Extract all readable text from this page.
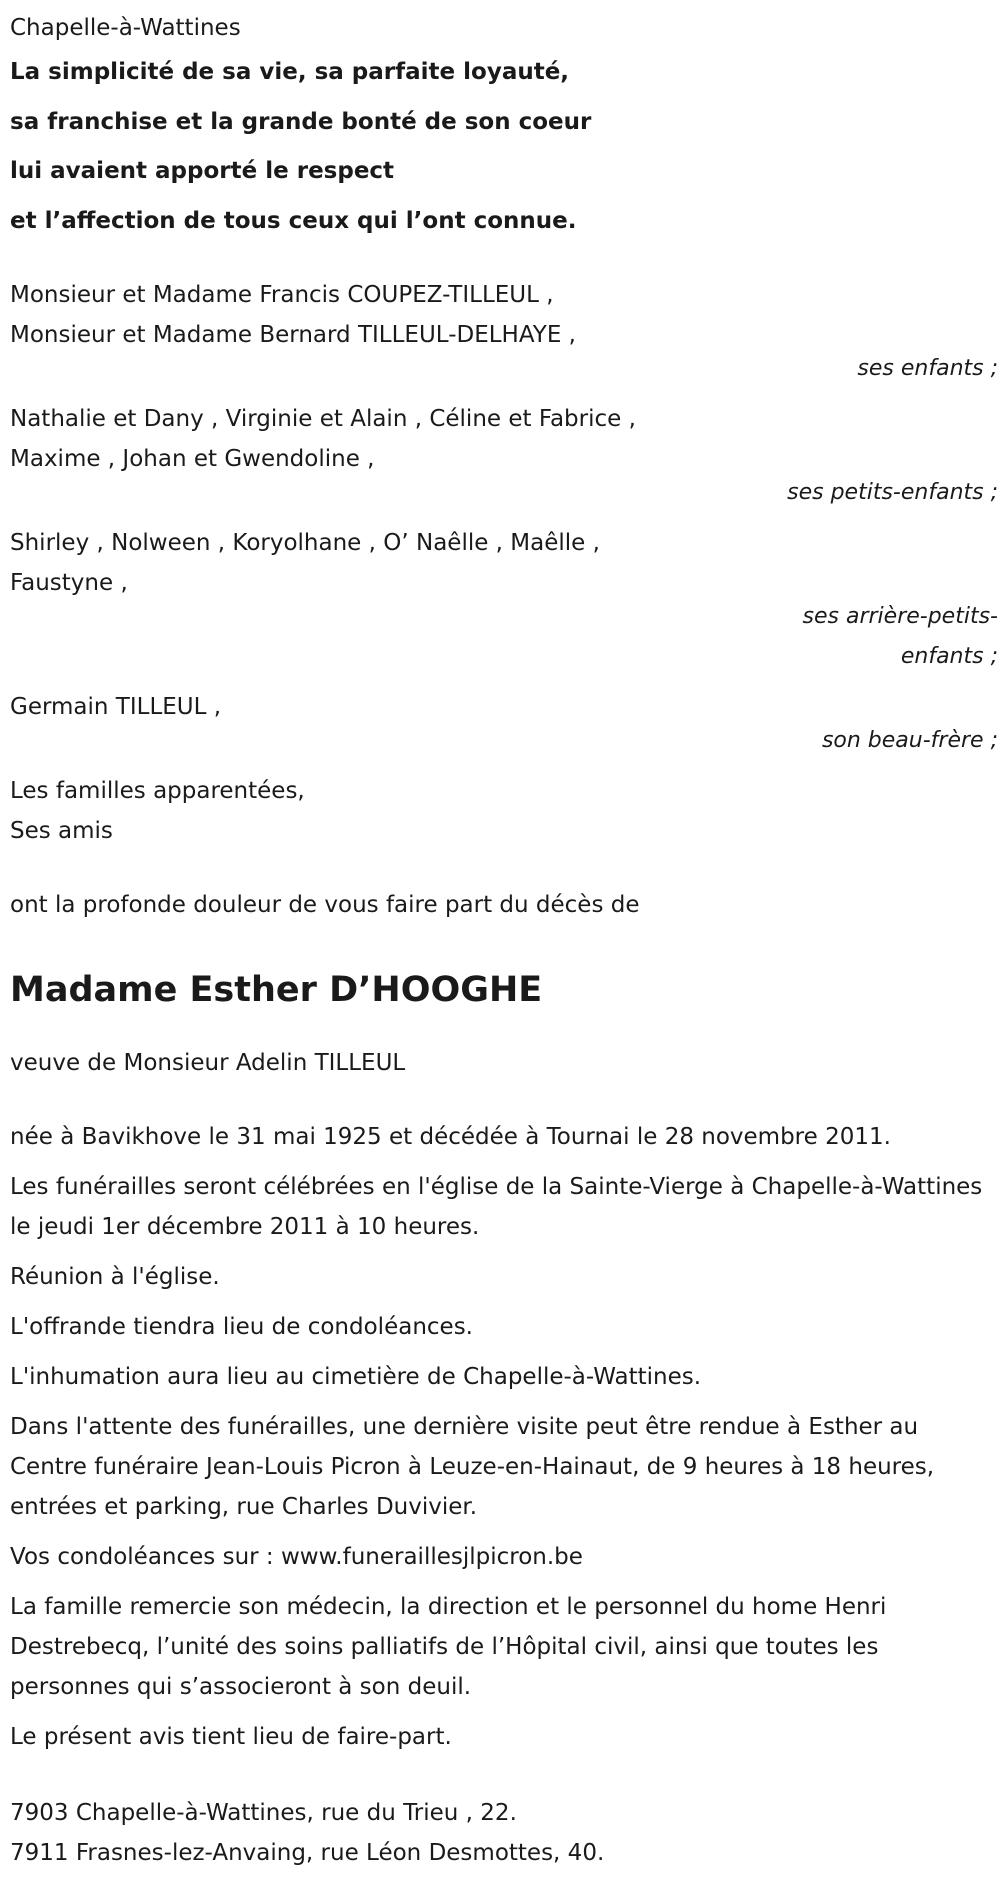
Chapelle-à-Wattines
La simplicité de sa vie, sa parfaite loyauté,
sa franchise et la grande bonté de son coeur
lui avaient apporté le respect
et l’affection de tous ceux qui l’ont connue.
Monsieur et Madame Francis COUPEZ-TILLEUL ,
Monsieur et Madame Bernard TILLEUL-DELHAYE ,
ses enfants ;
Nathalie et Dany , Virginie et Alain , Céline et Fabrice ,
Maxime , Johan et Gwendoline ,
ses petits-enfants ;
Shirley , Nolween , Koryolhane , O’ Naêlle , Maêlle ,
Faustyne ,
ses arrière-petits-
enfants ;
Germain TILLEUL ,
son beau-frère ;
Les familles apparentées,
Ses amis
ont la profonde douleur de vous faire part du décès de
Madame Esther D’HOOGHE
veuve de Monsieur Adelin TILLEUL
née à Bavikhove le 31 mai 1925 et décédée à Tournai le 28 novembre 2011.
Les funérailles seront célébrées en l'église de la Sainte-Vierge à Chapelle-à-Wattines le jeudi 1er décembre 2011 à 10 heures.
Réunion à l'église.
L'offrande tiendra lieu de condoléances.
L'inhumation aura lieu au cimetière de Chapelle-à-Wattines.
Dans l'attente des funérailles, une dernière visite peut être rendue à Esther au Centre funéraire Jean-Louis Picron à Leuze-en-Hainaut, de 9 heures à 18 heures, entrées et parking, rue Charles Duvivier.
Vos condoléances sur : www.funeraillesjlpicron.be
La famille remercie son médecin, la direction et le personnel du home Henri Destrebecq, l’unité des soins palliatifs de l’Hôpital civil, ainsi que toutes les personnes qui s’associeront à son deuil.
Le présent avis tient lieu de faire-part.
7903 Chapelle-à-Wattines, rue du Trieu , 22.
7911 Frasnes-lez-Anvaing, rue Léon Desmottes, 40.
